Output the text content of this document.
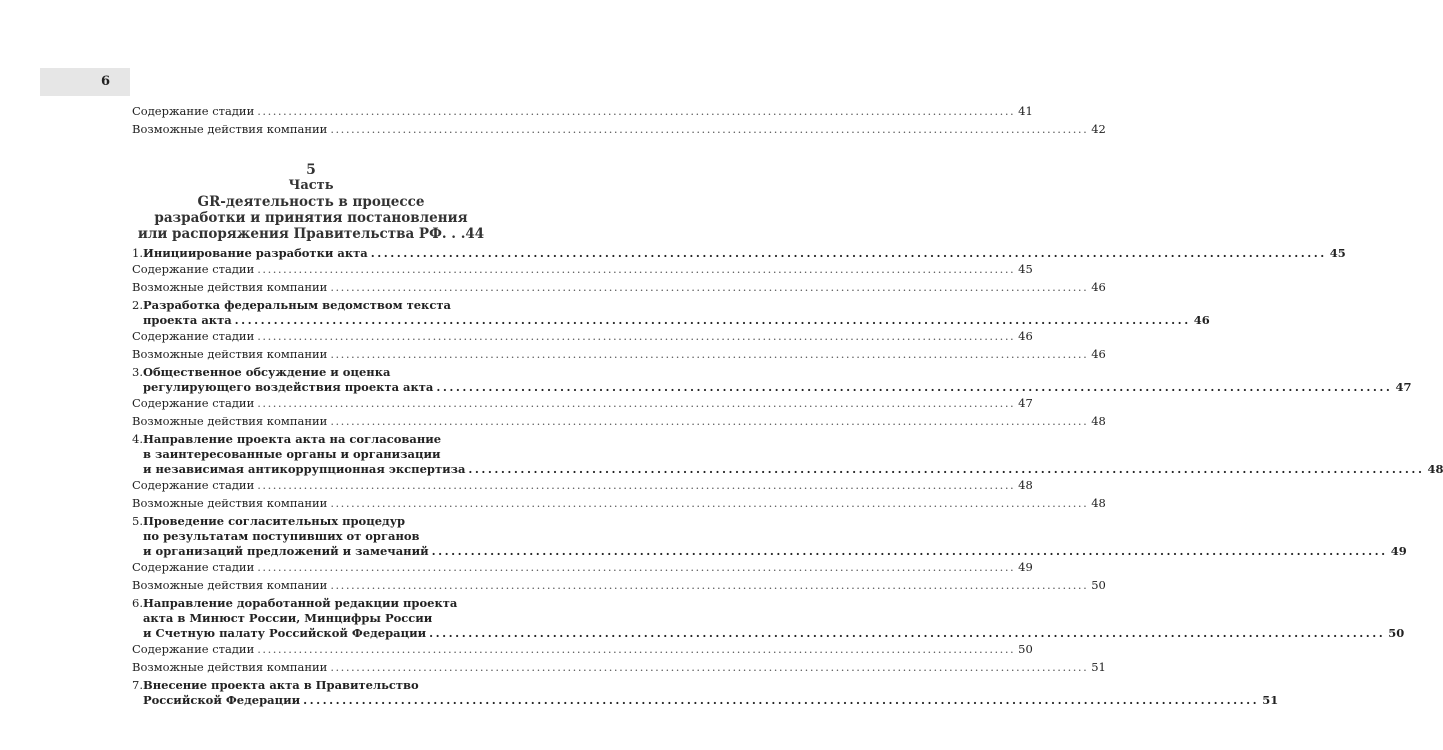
6
Содержание стадии .....	41
Возможные действия компании .....	42
5
Часть
GR-деятельность в процессе
разработки и принятия постановления
или распоряжения Правительства РФ . . . 44
1. Инициирование разработки акта .....	45
Содержание стадии .....	45
Возможные действия компании .....	46
2. Разработка федеральным ведомством текста
проекта акта .....	46
Содержание стадии .....	46
Возможные действия компании .....	46
3. Общественное обсуждение и оценка
регулирующего воздействия проекта акта .....	47
Содержание стадии .....	47
Возможные действия компании .....	48
4. Направление проекта акта на согласование
в заинтересованные органы и организации
и независимая антикоррупционная экспертиза .....	48
Содержание стадии .....	48
Возможные действия компании .....	48
5. Проведение согласительных процедур
по результатам поступивших от органов
и организаций предложений и замечаний .....	49
Содержание стадии .....	49
Возможные действия компании .....	50
6. Направление доработанной редакции проекта
акта в Минюст России, Минцифры России
и Счетную палату Российской Федерации .....	50
Содержание стадии .....	50
Возможные действия компании .....	51
7. Внесение проекта акта в Правительство
Российской Федерации .....	51
